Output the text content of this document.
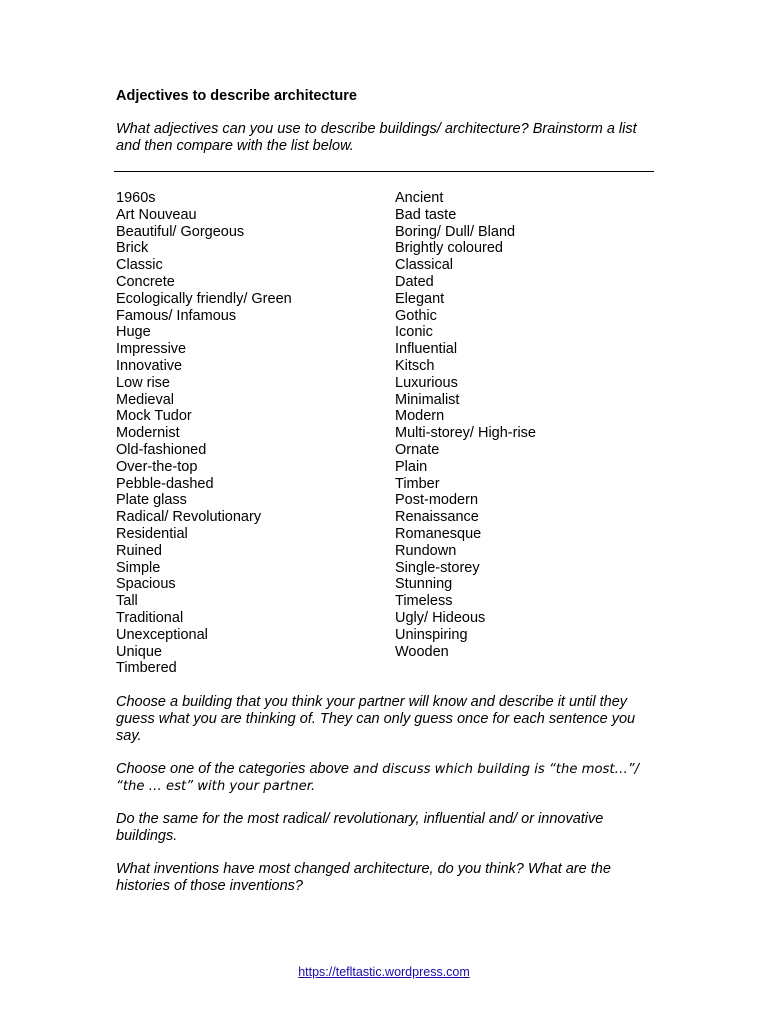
Adjectives to describe architecture
What adjectives can you use to describe buildings/ architecture? Brainstorm a list and then compare with the list below.
1960s
Art Nouveau
Beautiful/ Gorgeous
Brick
Classic
Concrete
Ecologically friendly/ Green
Famous/ Infamous
Huge
Impressive
Innovative
Low rise
Medieval
Mock Tudor
Modernist
Old-fashioned
Over-the-top
Pebble-dashed
Plate glass
Radical/ Revolutionary
Residential
Ruined
Simple
Spacious
Tall
Traditional
Unexceptional
Unique
Timbered
Ancient
Bad taste
Boring/ Dull/ Bland
Brightly coloured
Classical
Dated
Elegant
Gothic
Iconic
Influential
Kitsch
Luxurious
Minimalist
Modern
Multi-storey/ High-rise
Ornate
Plain
Timber
Post-modern
Renaissance
Romanesque
Rundown
Single-storey
Stunning
Timeless
Ugly/ Hideous
Uninspiring
Wooden

Choose a building that you think your partner will know and describe it until they guess what you are thinking of. They can only guess once for each sentence you say.

Choose one of the categories above and discuss which building is “the most…”/ “the … est” with your partner.

Do the same for the most radical/ revolutionary, influential and/ or innovative buildings.

What inventions have most changed architecture, do you think? What are the histories of those inventions?

https://tefltastic.wordpress.com
